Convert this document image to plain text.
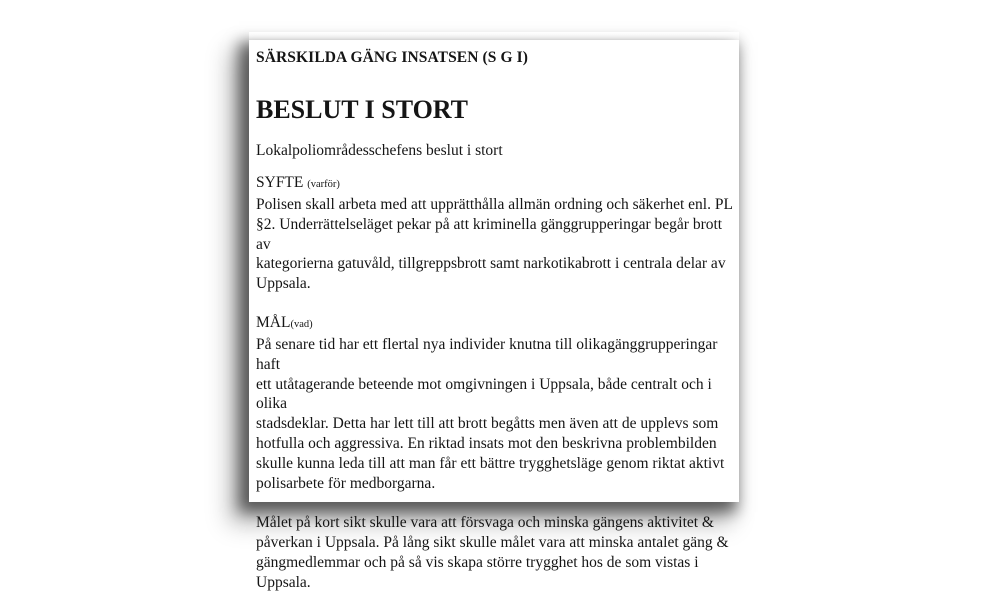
SÄRSKILDA GÄNG INSATSEN (S G I)

BESLUT I STORT

Lokalpoliområdesschefens beslut i stort

SYFTE (varför)

Polisen skall arbeta med att upprätthålla allmän ordning och säkerhet enl. PL

§2. Underrättelseläget pekar på att kriminella gänggrupperingar begår brott av

kategorierna gatuvåld, tillgreppsbrott samt narkotikabrott i centrala delar av

Uppsala.

MÅL(vad)

På senare tid har ett flertal nya individer knutna till olikagänggrupperingar haft

ett utåtagerande beteende mot omgivningen i Uppsala, både centralt och i olika

stadsdeklar. Detta har lett till att brott begåtts men även att de upplevs som

hotfulla och aggressiva. En riktad insats mot den beskrivna problembilden

skulle kunna leda till att man får ett bättre trygghetsläge genom riktat aktivt

polisarbete för medborgarna.

Målet på kort sikt skulle vara att försvaga och minska gängens aktivitet &

påverkan i Uppsala. På lång sikt skulle målet vara att minska antalet gäng &

gängmedlemmar och på så vis skapa större trygghet hos de som vistas i

Uppsala.
